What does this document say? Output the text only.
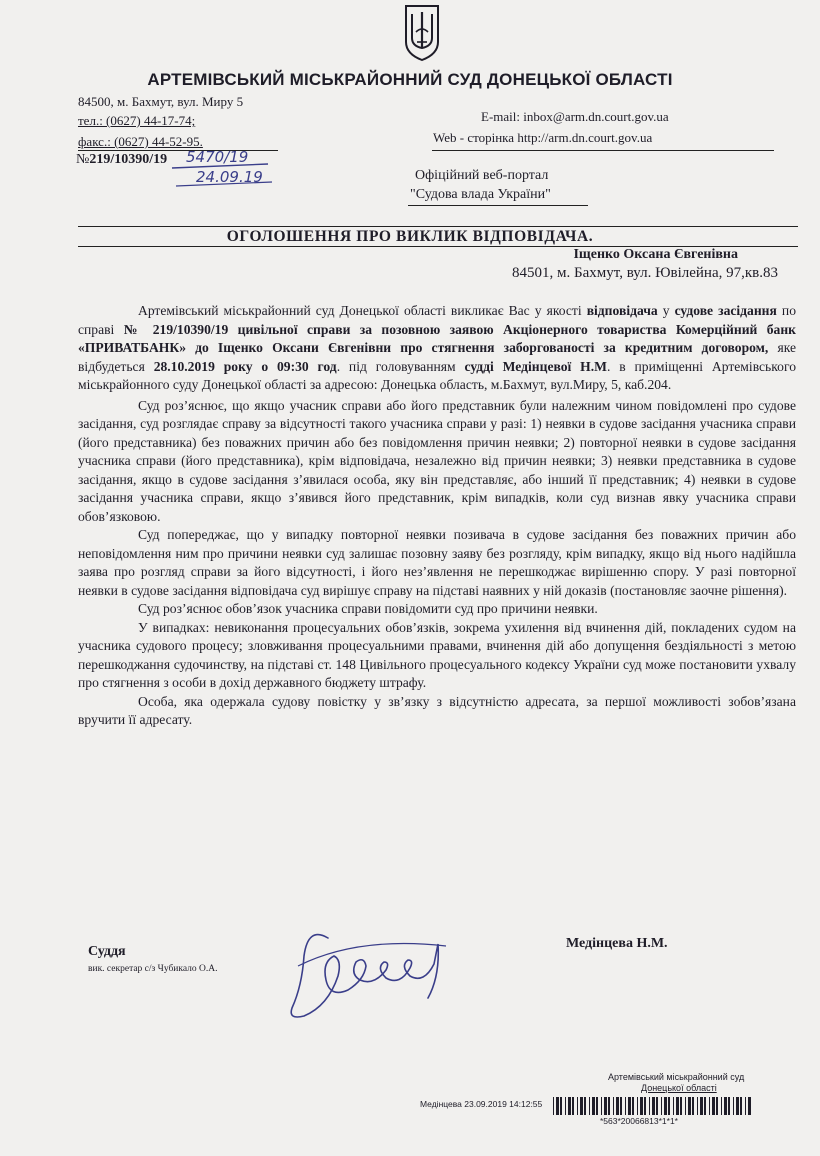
АРТЕМІВСЬКИЙ МІСЬКРАЙОННИЙ СУД ДОНЕЦЬКОЇ ОБЛАСТІ
84500, м. Бахмут, вул. Миру 5
тел.: (0627) 44-17-74;
факс.: (0627) 44-52-95.
E-mail: inbox@arm.dn.court.gov.ua
Web - сторінка http://arm.dn.court.gov.ua
№219/10390/19 5470/19
24.09.19	Офіційний веб-портал
"Судова влада України"
ОГОЛОШЕННЯ ПРО ВИКЛИК ВІДПОВІДАЧА.
Іщенко Оксана Євгенівна
84501, м. Бахмут, вул. Ювілейна, 97,кв.83

Артемівський міськрайонний суд Донецької області викликає Вас у якості відповідача у судове засідання по справі № 219/10390/19 цивільної справи за позовною заявою Акціонерного товариства Комерційний банк «ПРИВАТБАНК» до Іщенко Оксани Євгенівни про стягнення заборгованості за кредитним договором, яке відбудеться 28.10.2019 року о 09:30 год. під головуванням судді Медінцевої Н.М. в приміщенні Артемівського міськрайонного суду Донецької області за адресою: Донецька область, м.Бахмут, вул.Миру, 5, каб.204.

Суд роз’яснює, що якщо учасник справи або його представник були належним чином повідомлені про судове засідання, суд розглядає справу за відсутності такого учасника справи у разі: 1) неявки в судове засідання учасника справи (його представника) без поважних причин або без повідомлення причин неявки; 2) повторної неявки в судове засідання учасника справи (його представника), крім відповідача, незалежно від причин неявки; 3) неявки представника в судове засідання, якщо в судове засідання з’явилася особа, яку він представляє, або інший її представник; 4) неявки в судове засідання учасника справи, якщо з’явився його представник, крім випадків, коли суд визнав явку учасника справи обов’язковою.

Суд попереджає, що у випадку повторної неявки позивача в судове засідання без поважних причин або неповідомлення ним про причини неявки суд залишає позовну заяву без розгляду, крім випадку, якщо від нього надійшла заява про розгляд справи за його відсутності, і його нез’явлення не перешкоджає вирішенню спору. У разі повторної неявки в судове засідання відповідача суд вирішує справу на підставі наявних у ній доказів (постановляє заочне рішення).

Суд роз’яснює обов’язок учасника справи повідомити суд про причини неявки.

У випадках: невиконання процесуальних обов’язків, зокрема ухилення від вчинення дій, покладених судом на учасника судового процесу; зловживання процесуальними правами, вчинення дій або допущення бездіяльності з метою перешкоджання судочинству, на підставі ст. 148 Цивільного процесуального кодексу України суд може постановити ухвалу про стягнення з особи в дохід державного бюджету штрафу.

Особа, яка одержала судову повістку у зв’язку з відсутністю адресата, за першої можливості зобов’язана вручити її адресату.

Суддя
вик. секретар с/з Чубикало О.А.
Медінцева Н.М.
Артемівський міськрайонний суд
Донецької області
Медінцева 23.09.2019 14:12:55
*563*20066813*1*1*
